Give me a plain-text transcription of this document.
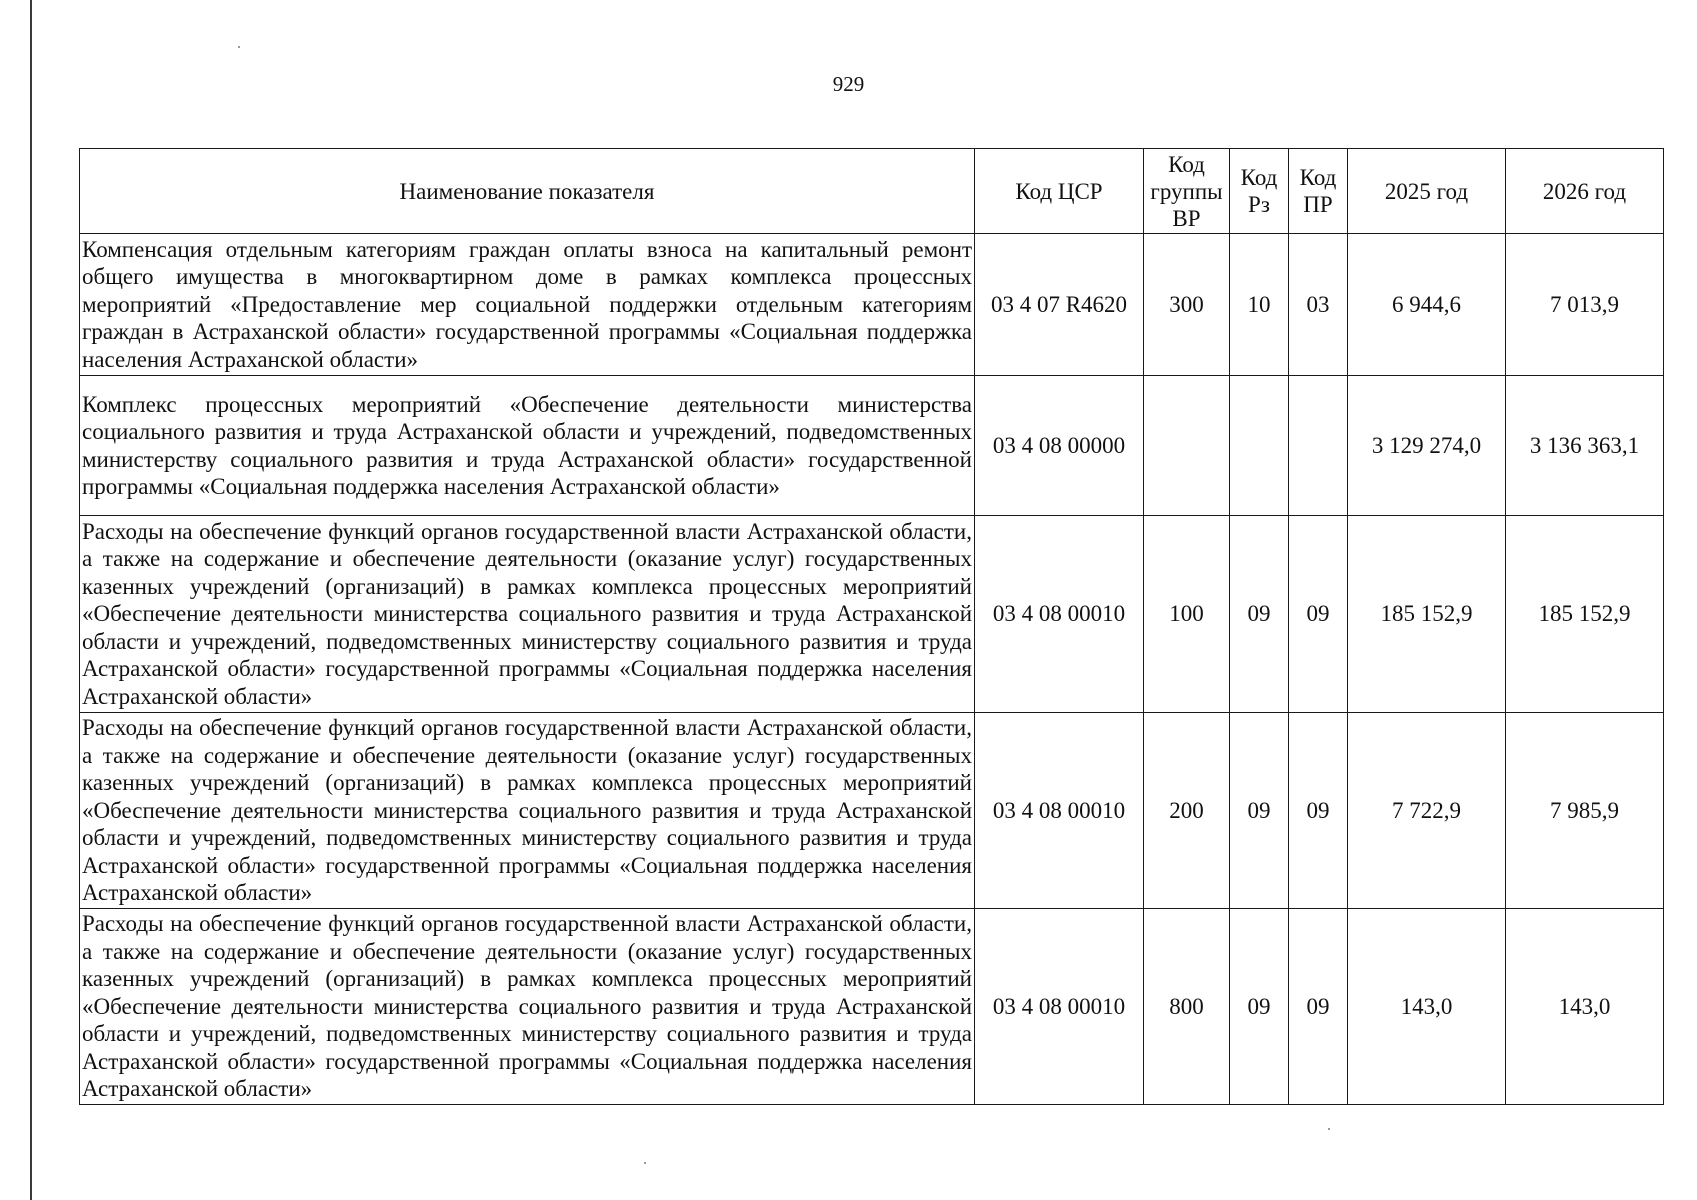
929
Наименование показателя	Код ЦСР	Код группы ВР	Код Рз	Код ПР	2025 год	2026 год
Компенсация отдельным категориям граждан оплаты взноса на капитальный ремонт общего имущества в многоквартирном доме в рамках комплекса процессных мероприятий «Предоставление мер социальной поддержки отдельным категориям граждан в Астраханской области» государственной программы «Социальная поддержка населения Астраханской области»	03 4 07 R4620	300	10	03	6 944,6	7 013,9
Комплекс процессных мероприятий «Обеспечение деятельности министерства социального развития и труда Астраханской области и учреждений, подведомственных министерству социального развития и труда Астраханской области» государственной программы «Социальная поддержка населения Астраханской области»	03 4 08 00000				3 129 274,0	3 136 363,1
Расходы на обеспечение функций органов государственной власти Астраханской области, а также на содержание и обеспечение деятельности (оказание услуг) государственных казенных учреждений (организаций) в рамках комплекса процессных мероприятий «Обеспечение деятельности министерства социального развития и труда Астраханской области и учреждений, подведомственных министерству социального развития и труда Астраханской области» государственной программы «Социальная поддержка населения Астраханской области»	03 4 08 00010	100	09	09	185 152,9	185 152,9
Расходы на обеспечение функций органов государственной власти Астраханской области, а также на содержание и обеспечение деятельности (оказание услуг) государственных казенных учреждений (организаций) в рамках комплекса процессных мероприятий «Обеспечение деятельности министерства социального развития и труда Астраханской области и учреждений, подведомственных министерству социального развития и труда Астраханской области» государственной программы «Социальная поддержка населения Астраханской области»	03 4 08 00010	200	09	09	7 722,9	7 985,9
Расходы на обеспечение функций органов государственной власти Астраханской области, а также на содержание и обеспечение деятельности (оказание услуг) государственных казенных учреждений (организаций) в рамках комплекса процессных мероприятий «Обеспечение деятельности министерства социального развития и труда Астраханской области и учреждений, подведомственных министерству социального развития и труда Астраханской области» государственной программы «Социальная поддержка населения Астраханской области»	03 4 08 00010	800	09	09	143,0	143,0
